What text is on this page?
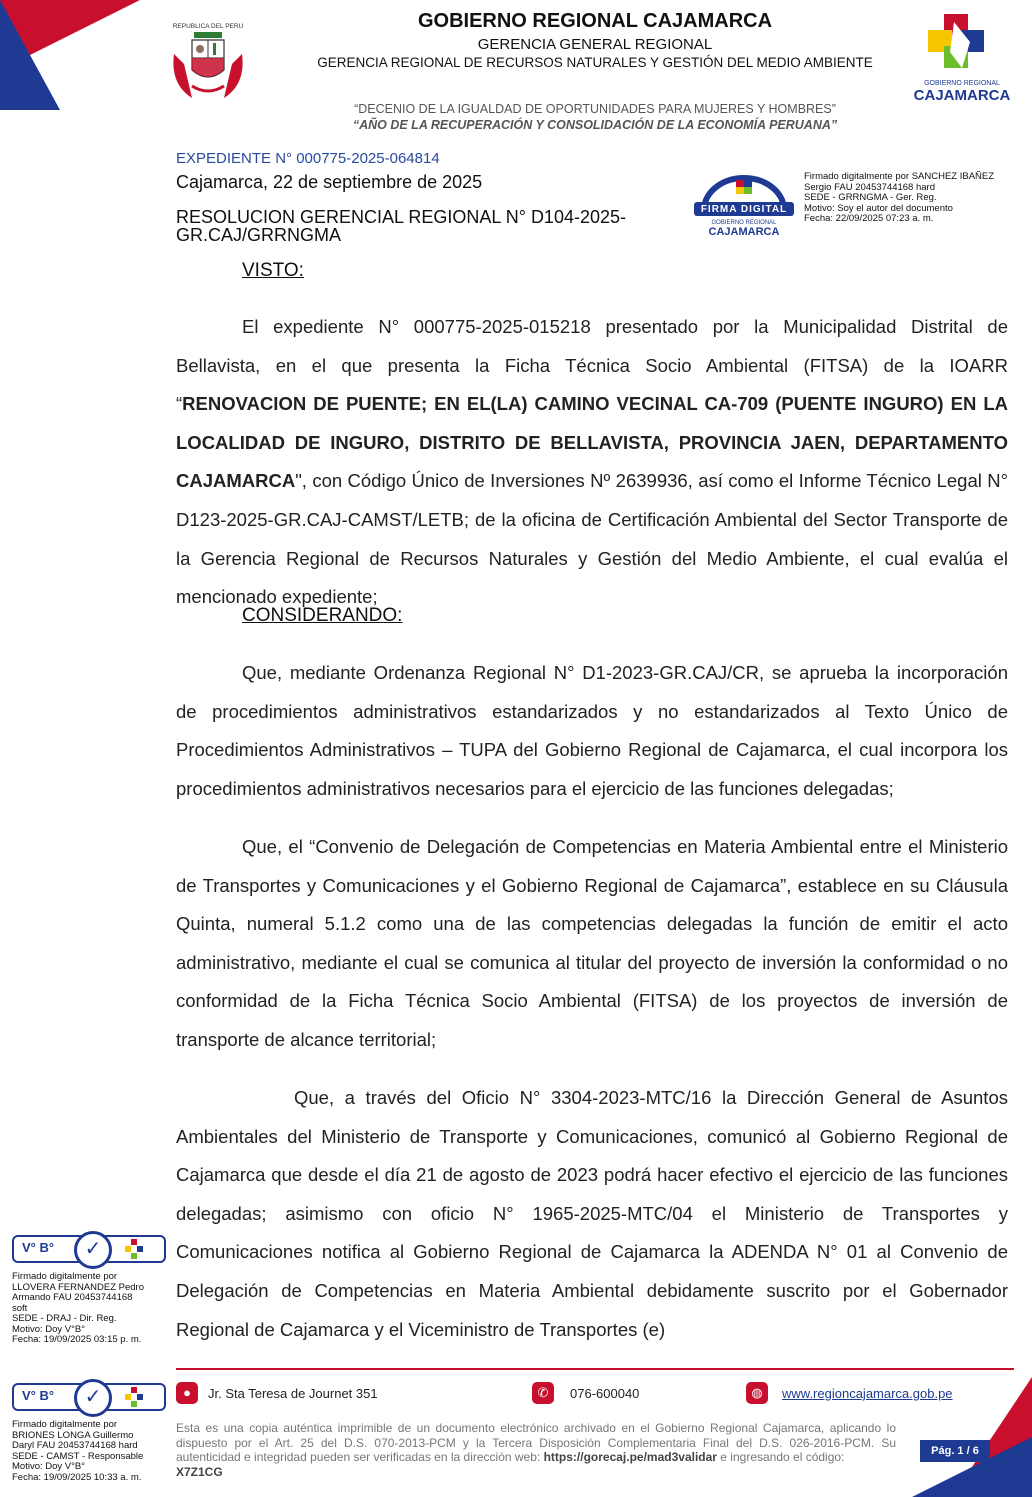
REPUBLICA DEL PERU	GOBIERNO REGIONAL CAJAMARCA
GERENCIA GENERAL REGIONAL
GERENCIA REGIONAL DE RECURSOS NATURALES Y GESTIÓN DEL MEDIO AMBIENTE
“DECENIO DE LA IGUALDAD DE OPORTUNIDADES PARA MUJERES Y HOMBRES”
“AÑO DE LA RECUPERACIÓN Y CONSOLIDACIÓN DE LA ECONOMÍA PERUANA”
GOBIERNO REGIONAL
CAJAMARCA
EXPEDIENTE N° 000775-2025-064814
Cajamarca, 22 de septiembre de 2025
RESOLUCION GERENCIAL REGIONAL N° D104-2025-GR.CAJ/GRRNGMA
FIRMA DIGITAL
GOBIERNO REGIONAL
CAJAMARCA
Firmado digitalmente por SANCHEZ IBAÑEZ
Sergio FAU 20453744168 hard
SEDE - GRRNGMA - Ger. Reg.
Motivo: Soy el autor del documento
Fecha: 22/09/2025 07:23 a. m.
VISTO:
El expediente N° 000775-2025-015218 presentado por la Municipalidad Distrital de Bellavista, en el que presenta la Ficha Técnica Socio Ambiental (FITSA) de la IOARR “RENOVACION DE PUENTE; EN EL(LA) CAMINO VECINAL CA-709 (PUENTE INGURO) EN LA LOCALIDAD DE INGURO, DISTRITO DE BELLAVISTA, PROVINCIA JAEN, DEPARTAMENTO CAJAMARCA", con Código Único de Inversiones Nº 2639936, así como el Informe Técnico Legal N° D123-2025-GR.CAJ-CAMST/LETB; de la oficina de Certificación Ambiental del Sector Transporte de la Gerencia Regional de Recursos Naturales y Gestión del Medio Ambiente, el cual evalúa el mencionado expediente;
CONSIDERANDO:
Que, mediante Ordenanza Regional N° D1-2023-GR.CAJ/CR, se aprueba la incorporación de procedimientos administrativos estandarizados y no estandarizados al Texto Único de Procedimientos Administrativos – TUPA del Gobierno Regional de Cajamarca, el cual incorpora los procedimientos administrativos necesarios para el ejercicio de las funciones delegadas;
Que, el “Convenio de Delegación de Competencias en Materia Ambiental entre el Ministerio de Transportes y Comunicaciones y el Gobierno Regional de Cajamarca”, establece en su Cláusula Quinta, numeral 5.1.2 como una de las competencias delegadas la función de emitir el acto administrativo, mediante el cual se comunica al titular del proyecto de inversión la conformidad o no conformidad de la Ficha Técnica Socio Ambiental (FITSA) de los proyectos de inversión de transporte de alcance territorial;
Que, a través del Oficio N° 3304-2023-MTC/16 la Dirección General de Asuntos Ambientales del Ministerio de Transporte y Comunicaciones, comunicó al Gobierno Regional de Cajamarca que desde el día 21 de agosto de 2023 podrá hacer efectivo el ejercicio de las funciones delegadas; asimismo con oficio N° 1965-2025-MTC/04 el Ministerio de Transportes y Comunicaciones notifica al Gobierno Regional de Cajamarca la ADENDA N° 01 al Convenio de Delegación de Competencias en Materia Ambiental debidamente suscrito por el Gobernador Regional de Cajamarca y el Viceministro de Transportes (e)
V° B°	✓
Firmado digitalmente por
LLOVERA FERNANDEZ Pedro
Armando FAU 20453744168
soft
SEDE - DRAJ - Dir. Reg.
Motivo: Doy V°B°
Fecha: 19/09/2025 03:15 p. m.
V° B°	✓
Firmado digitalmente por
BRIONES LONGA Guillermo
Daryl FAU 20453744168 hard
SEDE - CAMST - Responsable
Motivo: Doy V°B°
Fecha: 19/09/2025 10:33 a. m.
●	Jr. Sta Teresa de Journet 351	✆	076-600040	◍	www.regioncajamarca.gob.pe
Esta es una copia auténtica imprimible de un documento electrónico archivado en el Gobierno Regional Cajamarca, aplicando lo dispuesto por el Art. 25 del D.S. 070-2013-PCM y la Tercera Disposición Complementaria Final del D.S. 026-2016-PCM. Su autenticidad e integridad pueden ser verificadas en la dirección web: https://gorecaj.pe/mad3validar e ingresando el código:
X7Z1CG
Pág. 1 / 6
